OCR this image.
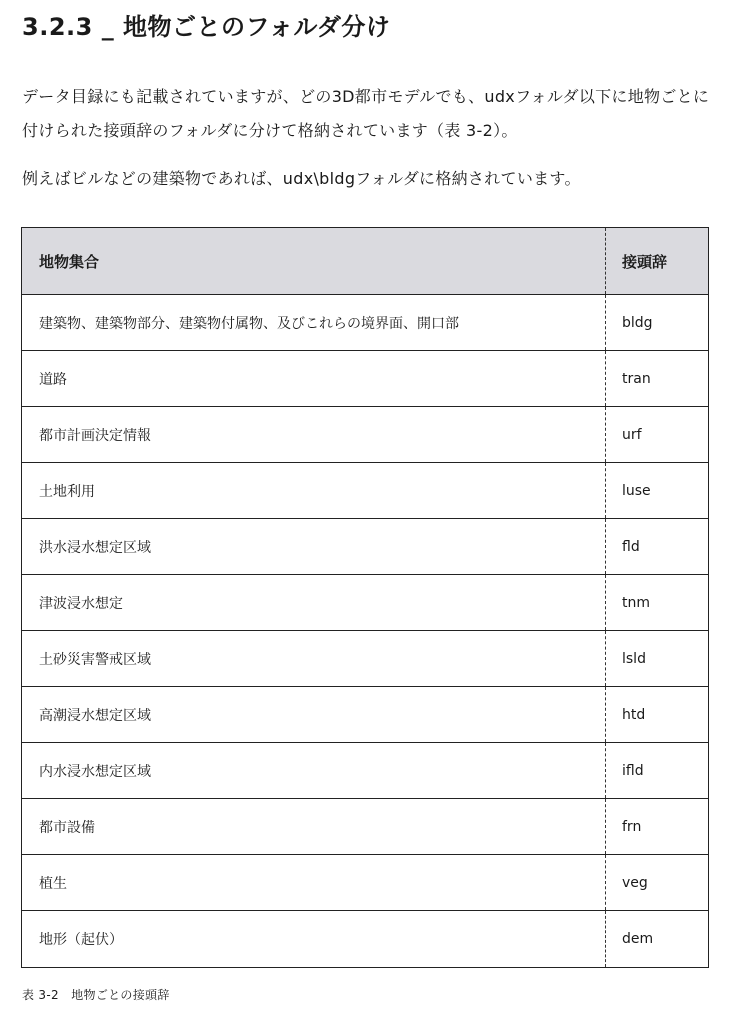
3.2.3 _ 地物ごとのフォルダ分け

データ目録にも記載されていますが、どの3D都市モデルでも、udxフォルダ以下に地物ごとに付けられた接頭辞のフォルダに分けて格納されています（表 3-2）。

例えばビルなどの建築物であれば、udx\bldgフォルダに格納されています。

地物集合	接頭辞
建築物、建築物部分、建築物付属物、及びこれらの境界面、開口部	bldg
道路	tran
都市計画決定情報	urf
土地利用	luse
洪水浸水想定区域	fld
津波浸水想定	tnm
土砂災害警戒区域	lsld
高潮浸水想定区域	htd
内水浸水想定区域	ifld
都市設備	frn
植生	veg
地形（起伏）	dem
表 3-2　地物ごとの接頭辞
